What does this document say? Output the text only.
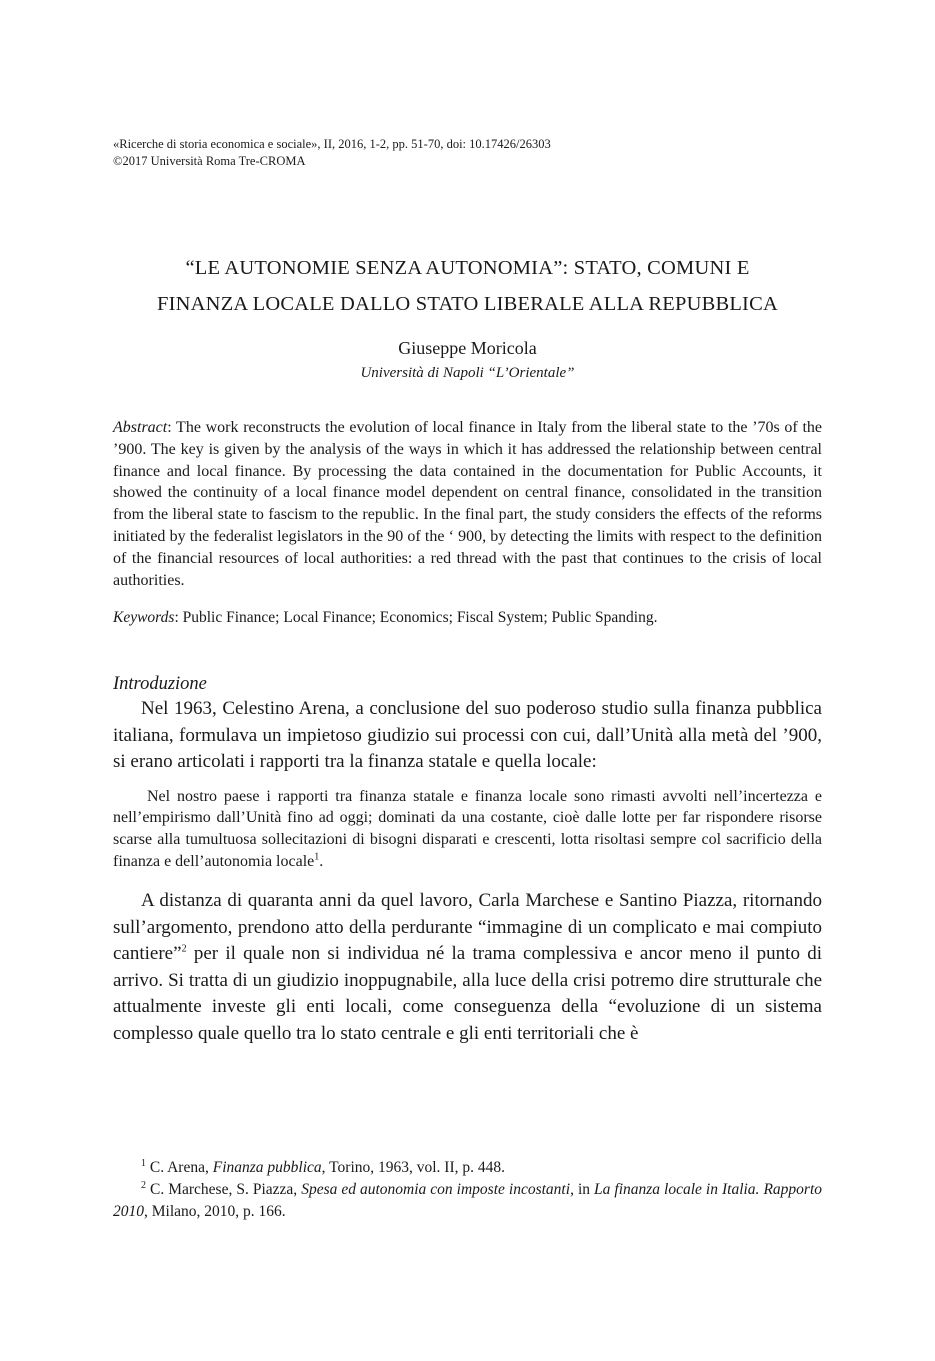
«Ricerche di storia economica e sociale», II, 2016, 1-2, pp. 51-70, doi: 10.17426/26303

©2017 Università Roma Tre-CROMA

“LE AUTONOMIE SENZA AUTONOMIA”: STATO, COMUNI E
FINANZA LOCALE DALLO STATO LIBERALE ALLA REPUBBLICA
Giuseppe Moricola
Università di Napoli “L’Orientale”

Abstract: The work reconstructs the evolution of local finance in Italy from the liberal state to the ’70s of the ’900. The key is given by the analysis of the ways in which it has addressed the relationship between central finance and local finance. By processing the data contained in the documentation for Public Accounts, it showed the continuity of a local finance model dependent on central finance, consolidated in the transition from the liberal state to fascism to the republic. In the final part, the study considers the effects of the reforms initiated by the federalist legislators in the 90 of the ‘ 900, by detecting the limits with respect to the definition of the financial resources of local authorities: a red thread with the past that continues to the crisis of local authorities.

Keywords: Public Finance; Local Finance; Economics; Fiscal System; Public Spanding.

Introduzione

Nel 1963, Celestino Arena, a conclusione del suo poderoso studio sulla finanza pubblica italiana, formulava un impietoso giudizio sui processi con cui, dall’Unità alla metà del ’900, si erano articolati i rapporti tra la finanza statale e quella locale:

Nel nostro paese i rapporti tra finanza statale e finanza locale sono rimasti avvolti nell’incertezza e nell’empirismo dall’Unità fino ad oggi; dominati da una costante, cioè dalle lotte per far rispondere risorse scarse alla tumultuosa sollecitazioni di bisogni disparati e crescenti, lotta risoltasi sempre col sacrificio della finanza e dell’autonomia locale$^1$.

A distanza di quaranta anni da quel lavoro, Carla Marchese e Santino Piazza, ritornando sull’argomento, prendono atto della perdurante “immagine di un complicato e mai compiuto cantiere”$^2$ per il quale non si individua né la trama complessiva e ancor meno il punto di arrivo. Si tratta di un giudizio inoppugnabile, alla luce della crisi potremo dire strutturale che attualmente investe gli enti locali, come conseguenza della “evoluzione di un sistema complesso quale quello tra lo stato centrale e gli enti territoriali che è

$^1$ C. Arena, Finanza pubblica, Torino, 1963, vol. II, p. 448.

$^2$ C. Marchese, S. Piazza, Spesa ed autonomia con imposte incostanti, in La finanza locale in Italia. Rapporto 2010, Milano, 2010, p. 166.
